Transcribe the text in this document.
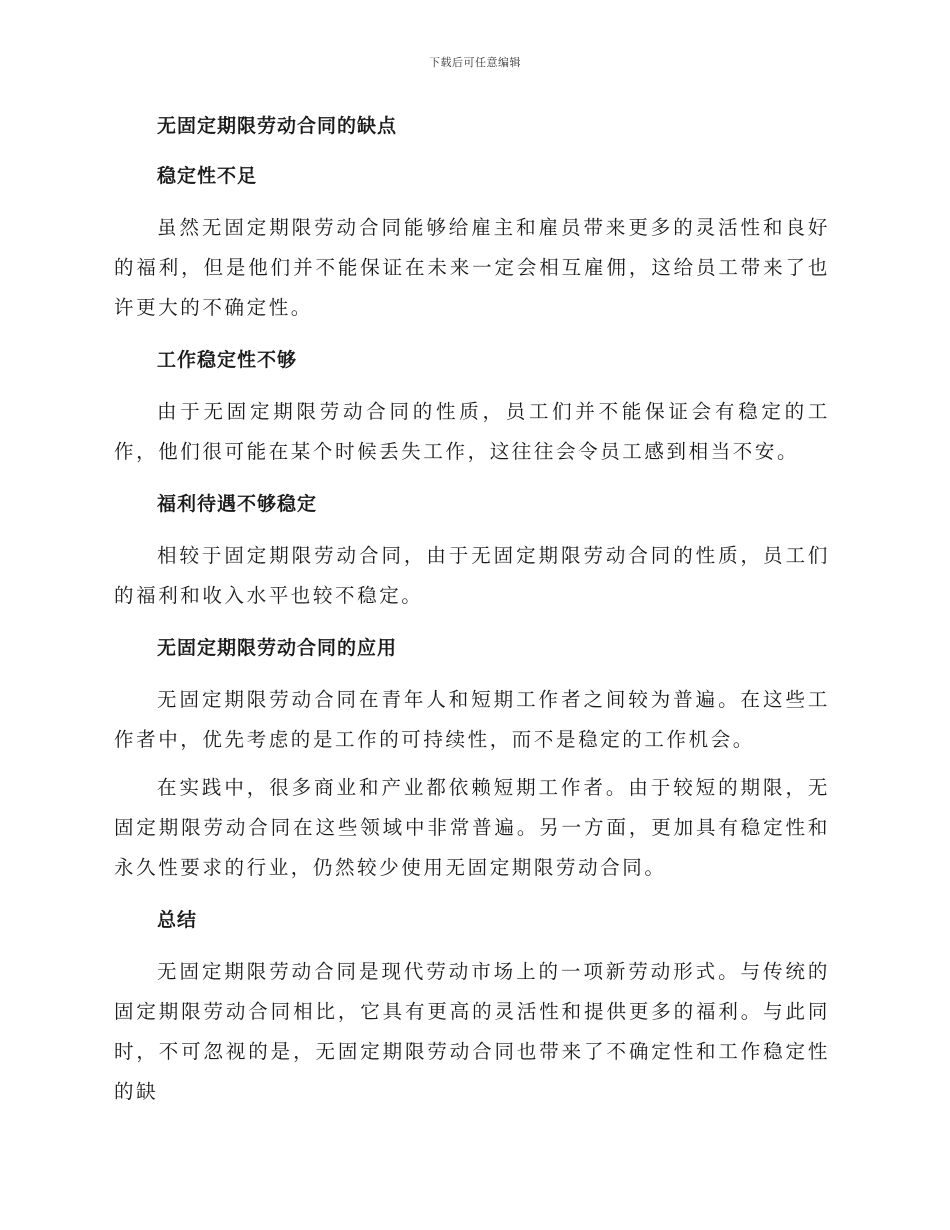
下载后可任意编辑
无固定期限劳动合同的缺点
稳定性不足

虽然无固定期限劳动合同能够给雇主和雇员带来更多的灵活性和良好的福利，但是他们并不能保证在未来一定会相互雇佣，这给员工带来了也许更大的不确定性。

工作稳定性不够

由于无固定期限劳动合同的性质，员工们并不能保证会有稳定的工作，他们很可能在某个时候丢失工作，这往往会令员工感到相当不安。

福利待遇不够稳定

相较于固定期限劳动合同，由于无固定期限劳动合同的性质，员工们的福利和收入水平也较不稳定。

无固定期限劳动合同的应用

无固定期限劳动合同在青年人和短期工作者之间较为普遍。在这些工作者中，优先考虑的是工作的可持续性，而不是稳定的工作机会。

在实践中，很多商业和产业都依赖短期工作者。由于较短的期限，无固定期限劳动合同在这些领域中非常普遍。另一方面，更加具有稳定性和永久性要求的行业，仍然较少使用无固定期限劳动合同。

总结

无固定期限劳动合同是现代劳动市场上的一项新劳动形式。与传统的固定期限劳动合同相比，它具有更高的灵活性和提供更多的福利。与此同时，不可忽视的是，无固定期限劳动合同也带来了不确定性和工作稳定性的缺
